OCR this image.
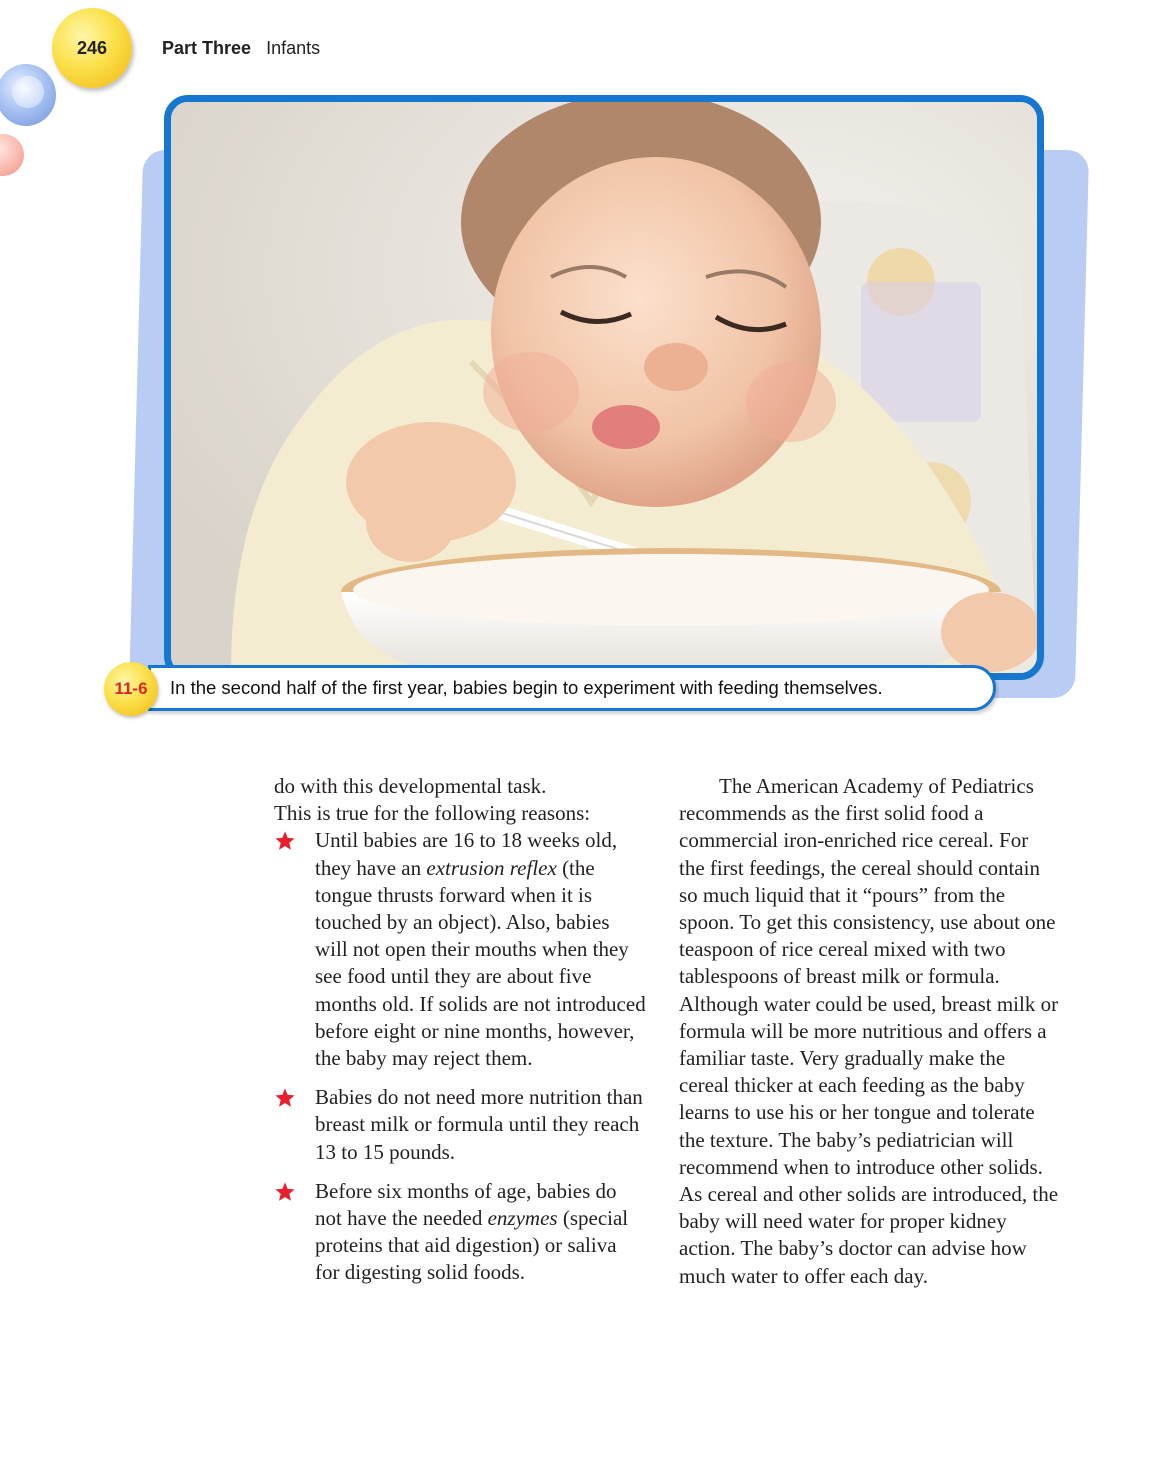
246	Part Three Infants
11-6 In the second half of the first year, babies begin to experiment with feeding themselves.

do with this developmental task.

This is true for the following reasons:

Until babies are 16 to 18 weeks old, they have an extrusion reflex (the tongue thrusts forward when it is touched by an object). Also, babies will not open their mouths when they see food until they are about five months old. If solids are not introduced before eight or nine months, however, the baby may reject them.
Babies do not need more nutrition than breast milk or formula until they reach 13 to 15 pounds.
Before six months of age, babies do not have the needed enzymes (special proteins that aid digestion) or saliva for digesting solid foods.

The American Academy of Pediatrics recommends as the first solid food a commercial iron-enriched rice cereal. For the first feedings, the cereal should contain so much liquid that it “pours” from the spoon. To get this consistency, use about one teaspoon of rice cereal mixed with two tablespoons of breast milk or formula. Although water could be used, breast milk or formula will be more nutritious and offers a familiar taste. Very gradually make the cereal thicker at each feeding as the baby learns to use his or her tongue and tolerate the texture. The baby’s pediatrician will recommend when to introduce other solids. As cereal and other solids are introduced, the baby will need water for proper kidney action. The baby’s doctor can advise how much water to offer each day.
